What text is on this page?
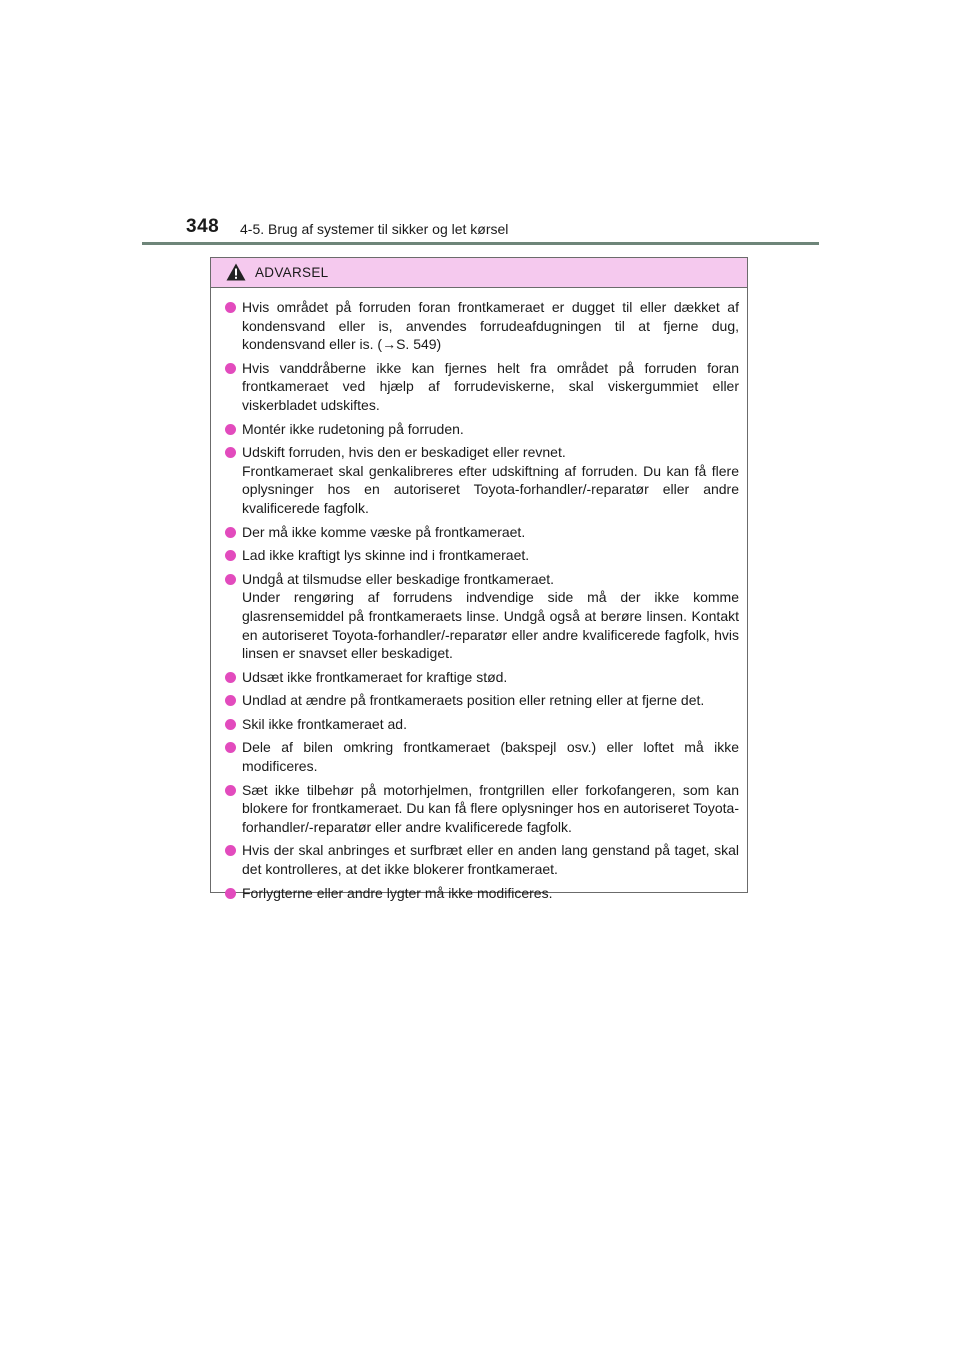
348 4-5. Brug af systemer til sikker og let kørsel
ADVARSEL
Hvis området på forruden foran frontkameraet er dugget til eller dækket af kondensvand eller is, anvendes forrudeafdugningen til at fjerne dug, kondensvand eller is. (→S. 549)
Hvis vanddråberne ikke kan fjernes helt fra området på forruden foran frontkameraet ved hjælp af forrudeviskerne, skal viskergummiet eller viskerbladet udskiftes.
Montér ikke rudetoning på forruden.
Udskift forruden, hvis den er beskadiget eller revnet.
Frontkameraet skal genkalibreres efter udskiftning af forruden. Du kan få flere oplysninger hos en autoriseret Toyota-forhandler/-reparatør eller andre kvalificerede fagfolk.
Der må ikke komme væske på frontkameraet.
Lad ikke kraftigt lys skinne ind i frontkameraet.
Undgå at tilsmudse eller beskadige frontkameraet.
Under rengøring af forrudens indvendige side må der ikke komme glasrensemiddel på frontkameraets linse. Undgå også at berøre linsen. Kontakt en autoriseret Toyota-forhandler/-reparatør eller andre kvalificerede fagfolk, hvis linsen er snavset eller beskadiget.
Udsæt ikke frontkameraet for kraftige stød.
Undlad at ændre på frontkameraets position eller retning eller at fjerne det.
Skil ikke frontkameraet ad.
Dele af bilen omkring frontkameraet (bakspejl osv.) eller loftet må ikke modificeres.
Sæt ikke tilbehør på motorhjelmen, frontgrillen eller forkofangeren, som kan blokere for frontkameraet. Du kan få flere oplysninger hos en autoriseret Toyota-forhandler/-reparatør eller andre kvalificerede fagfolk.
Hvis der skal anbringes et surfbræt eller en anden lang genstand på taget, skal det kontrolleres, at det ikke blokerer frontkameraet.
Forlygterne eller andre lygter må ikke modificeres.
